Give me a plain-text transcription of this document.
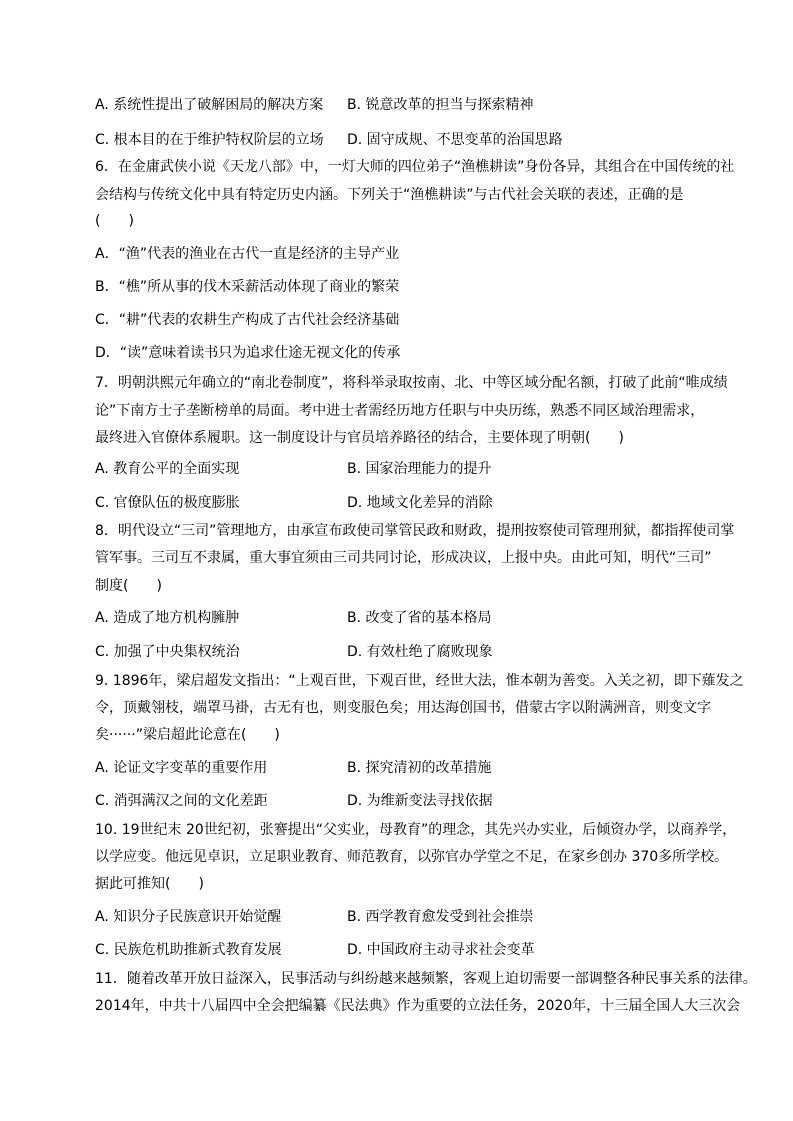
A. 系统性提出了破解困局的解决方案 B. 锐意改革的担当与探索精神
C. 根本目的在于维护特权阶层的立场 D. 固守成规、不思变革的治国思路
6．在金庸武侠小说《天龙八部》中，一灯大师的四位弟子“渔樵耕读”身份各异，其组合在中国传统的社
会结构与传统文化中具有特定历史内涵。下列关于“渔樵耕读”与古代社会关联的表述，正确的是
(　　)
A．“渔”代表的渔业在古代一直是经济的主导产业
B．“樵”所从事的伐木采薪活动体现了商业的繁荣
C．“耕”代表的农耕生产构成了古代社会经济基础
D．“读”意味着读书只为追求仕途无视文化的传承
7．明朝洪熙元年确立的“南北卷制度”，将科举录取按南、北、中等区域分配名额，打破了此前“唯成绩
论”下南方士子垄断榜单的局面。考中进士者需经历地方任职与中央历练，熟悉不同区域治理需求，
最终进入官僚体系履职。这一制度设计与官员培养路径的结合，主要体现了明朝(　　)
A. 教育公平的全面实现	B. 国家治理能力的提升
C. 官僚队伍的极度膨胀	D. 地域文化差异的消除
8．明代设立“三司”管理地方，由承宣布政使司掌管民政和财政，提刑按察使司管理刑狱，都指挥使司掌
管军事。三司互不隶属，重大事宜须由三司共同讨论，形成决议，上报中央。由此可知，明代“三司”
制度(　　)
A. 造成了地方机构臃肿	B. 改变了省的基本格局
C. 加强了中央集权统治	D. 有效杜绝了腐败现象
9. 1896年，梁启超发文指出：“上观百世，下观百世，经世大法，惟本朝为善变。入关之初，即下薙发之
令，顶戴翎枝，端罩马褂，古无有也，则变服色矣；用达海创国书，借蒙古字以附满洲音，则变文字
矣······”梁启超此论意在(　　)
A. 论证文字变革的重要作用	B. 探究清初的改革措施
C. 消弭满汉之间的文化差距	D. 为维新变法寻找依据
10. 19世纪末 20世纪初，张謇提出“父实业，母教育”的理念，其先兴办实业，后倾资办学，以商养学，
以学应变。他远见卓识，立足职业教育、师范教育，以弥官办学堂之不足，在家乡创办 370多所学校。
据此可推知(　　)
A. 知识分子民族意识开始觉醒	B. 西学教育愈发受到社会推崇
C. 民族危机助推新式教育发展	D. 中国政府主动寻求社会变革
11．随着改革开放日益深入，民事活动与纠纷越来越频繁，客观上迫切需要一部调整各种民事关系的法律。
2014年，中共十八届四中全会把编纂《民法典》作为重要的立法任务，2020年，十三届全国人大三次会
